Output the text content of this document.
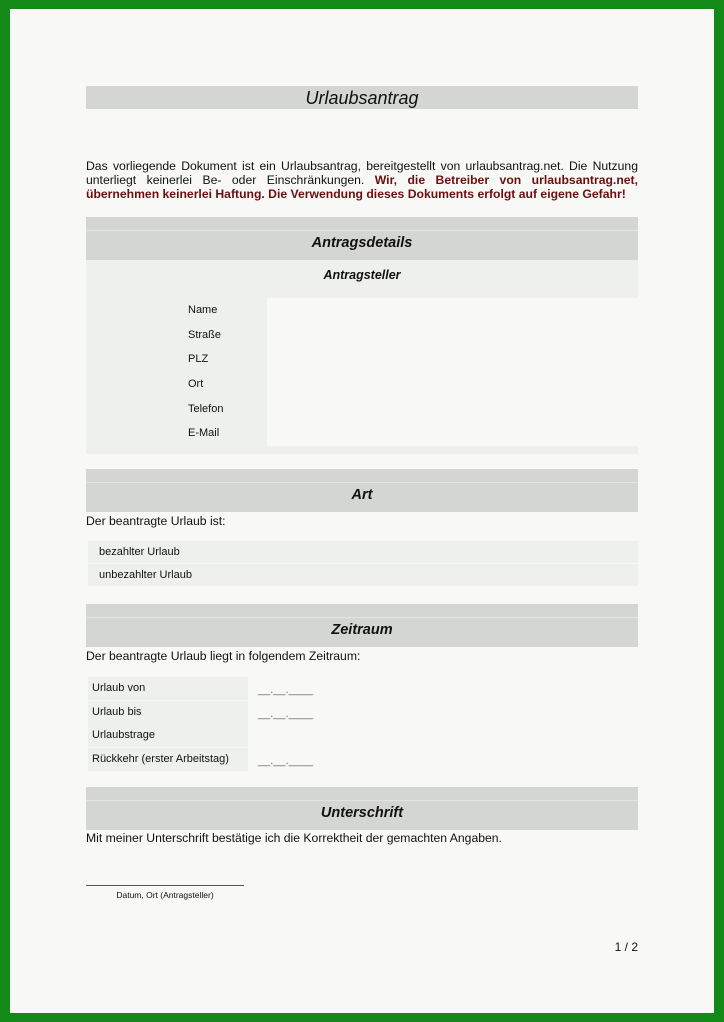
Urlaubsantrag
Das vorliegende Dokument ist ein Urlaubsantrag, bereitgestellt von urlaubsantrag.net. Die Nutzung unterliegt keinerlei Be- oder Einschränkungen. Wir, die Betreiber von urlaubsantrag.net, übernehmen keinerlei Haftung. Die Verwendung dieses Dokuments erfolgt auf eigene Gefahr!
Antragsdetails
Antragsteller
Name
Straße
PLZ
Ort
Telefon
E-Mail
Art
Der beantragte Urlaub ist:
bezahlter Urlaub
unbezahlter Urlaub
Zeitraum
Der beantragte Urlaub liegt in folgendem Zeitraum:
Urlaub von	__.__.____
Urlaub bis	__.__.____
Urlaubstrage
Rückkehr (erster Arbeitstag)	__.__.____
Unterschrift
Mit meiner Unterschrift bestätige ich die Korrektheit der gemachten Angaben.
Datum, Ort (Antragsteller)
1 / 2
